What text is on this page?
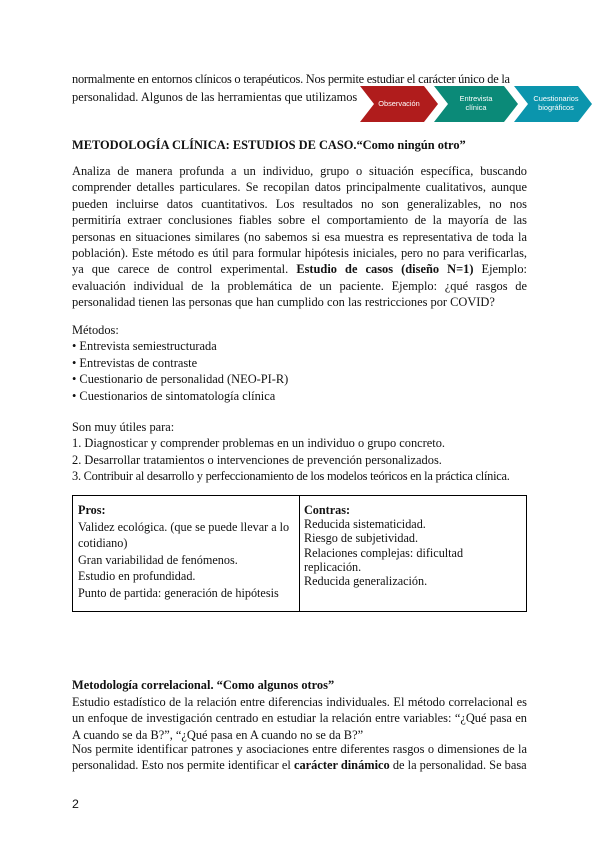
normalmente en entornos clínicos o terapéuticos. Nos permite estudiar el carácter único de la
personalidad. Algunos de las herramientas que utilizamos	Observación
Entrevista
clínica
Cuestionarios
biográficos
METODOLOGÍA CLÍNICA: ESTUDIOS DE CASO.“Como ningún otro”
Analiza de manera profunda a un individuo, grupo o situación específica, buscando comprender detalles particulares. Se recopilan datos principalmente cualitativos, aunque pueden incluirse datos cuantitativos. Los resultados no son generalizables, no nos permitiría extraer conclusiones fiables sobre el comportamiento de la mayoría de las personas en situaciones similares (no sabemos si esa muestra es representativa de toda la población). Este método es útil para formular hipótesis iniciales, pero no para verificarlas, ya que carece de control experimental. Estudio de casos (diseño N=1) Ejemplo: evaluación individual de la problemática de un paciente. Ejemplo: ¿qué rasgos de personalidad tienen las personas que han cumplido con las restricciones por COVID?
Métodos:
• Entrevista semiestructurada
• Entrevistas de contraste
• Cuestionario de personalidad (NEO-PI-R)
• Cuestionarios de sintomatología clínica
Son muy útiles para:
1. Diagnosticar y comprender problemas en un individuo o grupo concreto.
2. Desarrollar tratamientos o intervenciones de prevención personalizados.
3. Contribuir al desarrollo y perfeccionamiento de los modelos teóricos en la práctica clínica.
Pros:
Validez ecológica. (que se puede llevar a lo cotidiano)
Gran variabilidad de fenómenos.
Estudio en profundidad.
Punto de partida: generación de hipótesis
Contras:
Reducida sistematicidad.
Riesgo de subjetividad.
Relaciones complejas: dificultad replicación.
Reducida generalización.
Metodología correlacional. “Como algunos otros”
Estudio estadístico de la relación entre diferencias individuales. El método correlacional es un enfoque de investigación centrado en estudiar la relación entre variables: “¿Qué pasa en A cuando se da B?”, “¿Qué pasa en A cuando no se da B?”
Nos permite identificar patrones y asociaciones entre diferentes rasgos o dimensiones de la personalidad. Esto nos permite identificar el carácter dinámico de la personalidad. Se basa
2
